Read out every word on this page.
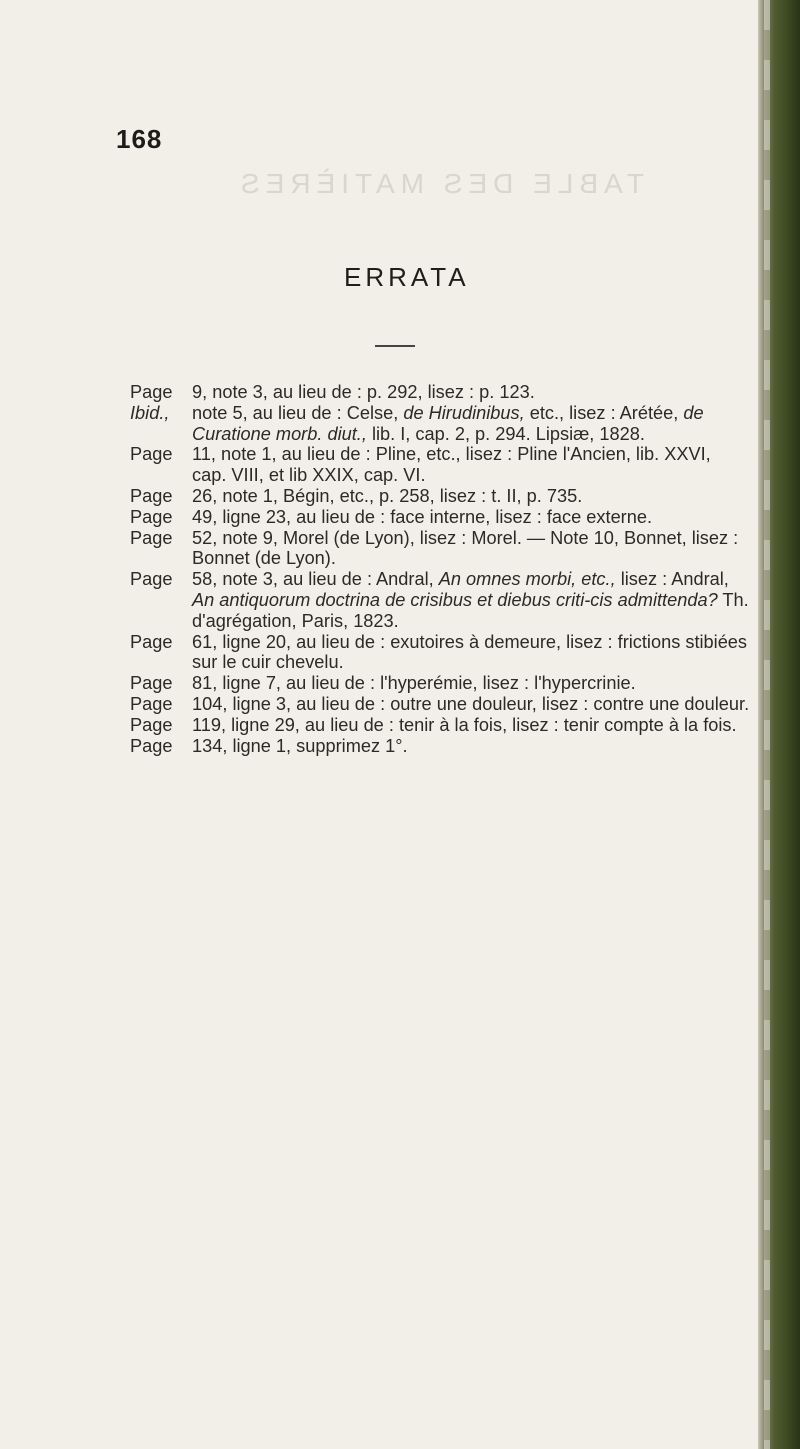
168
TABLE DES MATIÈRES
ERRATA
Page 9, note 3, au lieu de : p. 292, lisez : p. 123.
Ibid., note 5, au lieu de : Celse, de Hirudinibus, etc., lisez : Arétée, de Curatione morb. diut., lib. I, cap. 2, p. 294. Lipsiæ, 1828.
Page 11, note 1, au lieu de : Pline, etc., lisez : Pline l'Ancien, lib. XXVI, cap. VIII, et lib XXIX, cap. VI.
Page 26, note 1, Bégin, etc., p. 258, lisez : t. II, p. 735.
Page 49, ligne 23, au lieu de : face interne, lisez : face externe.
Page 52, note 9, Morel (de Lyon), lisez : Morel. — Note 10, Bonnet, lisez : Bonnet (de Lyon).
Page 58, note 3, au lieu de : Andral, An omnes morbi, etc., lisez : Andral, An antiquorum doctrina de crisibus et diebus criti-cis admittenda? Th. d'agrégation, Paris, 1823.
Page 61, ligne 20, au lieu de : exutoires à demeure, lisez : frictions stibiées sur le cuir chevelu.
Page 81, ligne 7, au lieu de : l'hyperémie, lisez : l'hypercrinie.
Page 104, ligne 3, au lieu de : outre une douleur, lisez : contre une douleur.
Page 119, ligne 29, au lieu de : tenir à la fois, lisez : tenir compte à la fois.
Page 134, ligne 1, supprimez 1°.
